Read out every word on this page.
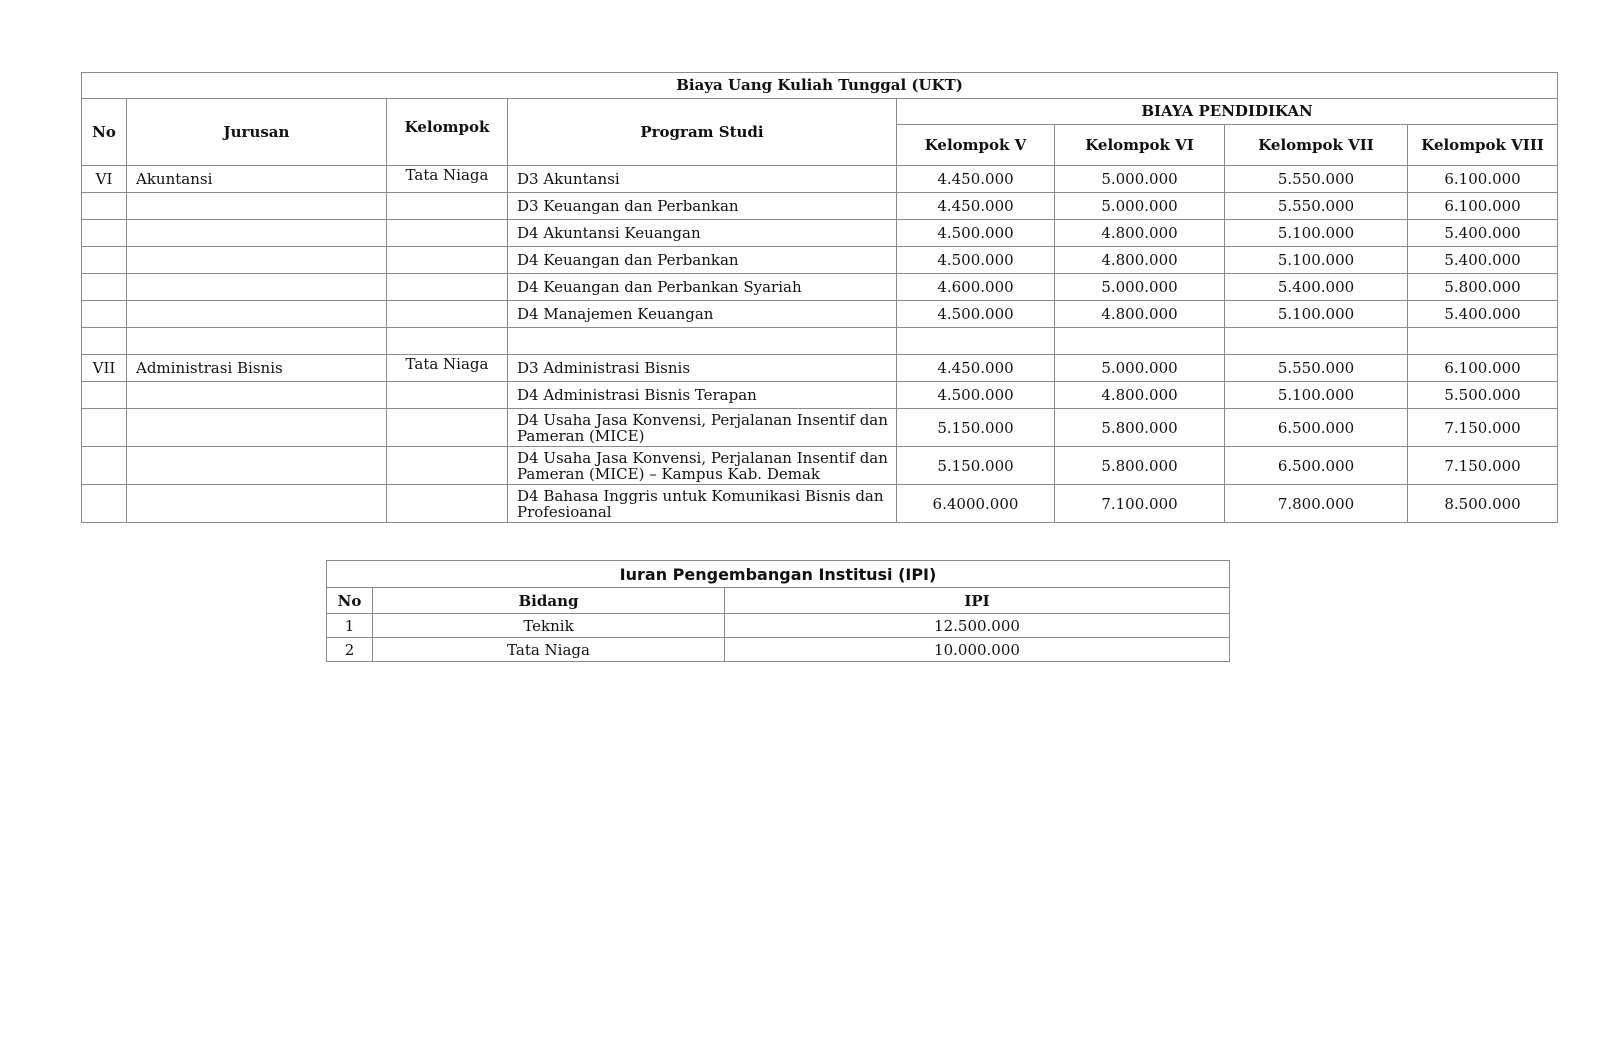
Biaya Uang Kuliah Tunggal (UKT)							
No	Jurusan	Kelompok	Program Studi	BIAYA PENDIDIKAN			
				Kelompok V	Kelompok VI	Kelompok VII	Kelompok VIII
VI	Akuntansi	Tata Niaga	D3 Akuntansi	4.450.000	5.000.000	5.550.000	6.100.000
			D3 Keuangan dan Perbankan	4.450.000	5.000.000	5.550.000	6.100.000
			D4 Akuntansi Keuangan	4.500.000	4.800.000	5.100.000	5.400.000
			D4 Keuangan dan Perbankan	4.500.000	4.800.000	5.100.000	5.400.000
			D4 Keuangan dan Perbankan Syariah	4.600.000	5.000.000	5.400.000	5.800.000
			D4 Manajemen Keuangan	4.500.000	4.800.000	5.100.000	5.400.000

VII	Administrasi Bisnis	Tata Niaga	D3 Administrasi Bisnis	4.450.000	5.000.000	5.550.000	6.100.000
			D4 Administrasi Bisnis Terapan	4.500.000	4.800.000	5.100.000	5.500.000
			D4 Usaha Jasa Konvensi, Perjalanan Insentif dan Pameran (MICE)	5.150.000	5.800.000	6.500.000	7.150.000
			D4 Usaha Jasa Konvensi, Perjalanan Insentif dan Pameran (MICE) – Kampus Kab. Demak	5.150.000	5.800.000	6.500.000	7.150.000
			D4 Bahasa Inggris untuk Komunikasi Bisnis dan Profesioanal	6.4000.000	7.100.000	7.800.000	8.500.000
Iuran Pengembangan Institusi (IPI)		
No	Bidang	IPI
1	Teknik	12.500.000
2	Tata Niaga	10.000.000
